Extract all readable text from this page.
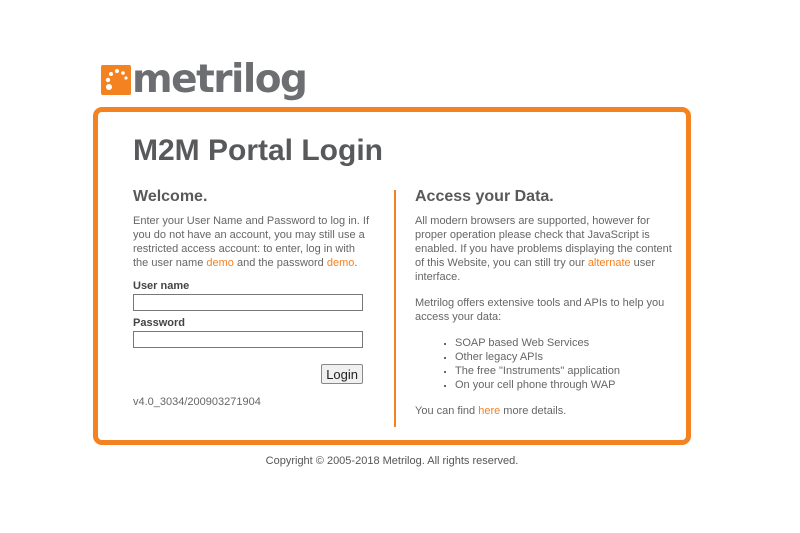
metrilog
M2M Portal Login
Welcome.

Enter your User Name and Password to log in. If you do not have an account, you may still use a restricted access account: to enter, log in with the user name demo and the password demo.

User name
Password
Login
v4.0_3034/200903271904
Access your Data.

All modern browsers are supported, however for proper operation please check that JavaScript is enabled. If you have problems displaying the content of this Website, you can still try our alternate user interface.

Metrilog offers extensive tools and APIs to help you access your data:

▪ SOAP based Web Services
▪ Other legacy APIs
▪ The free "Instruments" application
▪ On your cell phone through WAP

You can find here more details.

Copyright © 2005-2018 Metrilog. All rights reserved.
